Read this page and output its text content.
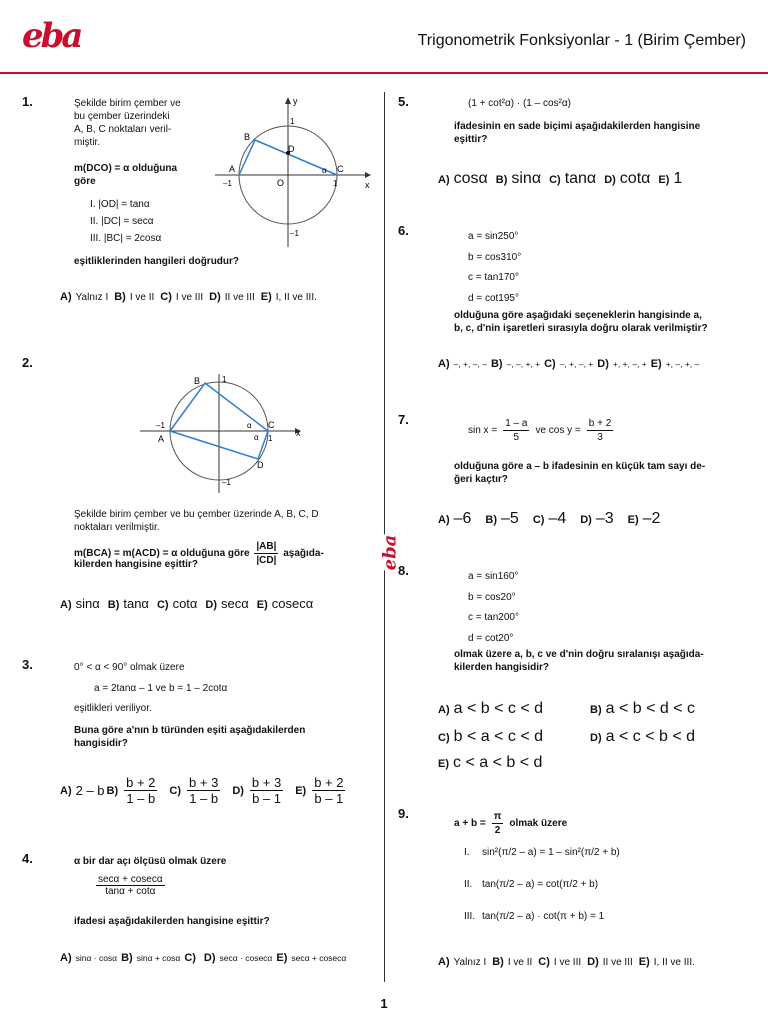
eba	Trigonometrik Fonksiyonlar - 1 (Birim Çember)
eba
1.	Şekilde birim çember ve
bu çember üzerindeki
A, B, C noktaları veril-
miştir.
m(DCO) = α olduğuna
göre
I. |OD| = tanα
II. |DC| = secα
III. |BC| = 2cosα
eşitliklerinden hangileri doğrudur?
y
x
1
–1
–1	1
A
B
C
D
O
α
A) Yalnız I B) I ve II C) I ve III D) II ve III E) I, II ve III.
2.
B	1
–1
A
C
1
α
α	x
D
–1
Şekilde birim çember ve bu çember üzerinde A, B, C, D
noktaları verilmiştir.
m(BCA) = m(ACD) = α olduğuna göre $\frac{|AB|}{|CD|}$ aşağıda-
kilerden hangisine eşittir?
A) sinα B) tanα C) cotα D) secα E) cosecα
3.	0° < α < 90° olmak üzere
a = 2tanα – 1 ve b = 1 – 2cotα
eşitlikleri veriliyor.
Buna göre a'nın b türünden eşiti aşağıdakilerden
hangisidir?
A) 2 – b $B) \frac{b + 2}{1 - b} C) \frac{b + 3}{1 - b} D) \frac{b + 3}{b - 1} E) \frac{b + 2}{b - 1}$
4.	α bir dar açı ölçüsü olmak üzere
secα + cosecα
tanα + cotα
ifadesi aşağıdakilerden hangisine eşittir?
A) sinα · cosα B) sinα + cosα C) D) secα · cosecα E) secα + cosecα
5.	(1 + cot²α) · (1 – cos²α)
ifadesinin en sade biçimi aşağıdakilerden hangisine
eşittir?
A) cosα B) sinα C) tanα D) cotα E) 1
6.	a = sin250°
b = cos310°
c = tan170°
d = cot195°
olduğuna göre aşağıdaki seçeneklerin hangisinde a,
b, c, d'nin işaretleri sırasıyla doğru olarak verilmiştir?
A) –, +, –, – B) –, –, +, + C) –, +, –, + D) +, +, –, + E) +, –, +, –
7.
$\sin x = \frac{1 - a}{5}$ ve $\cos y = \frac{b + 2}{3}$
olduğuna göre a – b ifadesinin en küçük tam sayı de-
ğeri kaçtır?
A) –6 B) –5 C) –4 D) –3 E) –2
8.	a = sin160°
b = cos20°
c = tan200°
d = cot20°
olmak üzere a, b, c ve d'nin doğru sıralanışı aşağıda-
kilerden hangisidir?
A) a < b < c < d	B) a < b < d < c
C) b < a < c < d	D) a < c < b < d
E) c < a < b < d
9.
$a + b = \frac{\pi}{2}$ olmak üzere
I. sin²(π/2 – a) = 1 – sin²(π/2 + b)
II. tan(π/2 – a) = cot(π/2 + b)
III. tan(π/2 – a) · cot(π + b) = 1
A) Yalnız I B) I ve II C) I ve III D) II ve III E) I, II ve III.
1
